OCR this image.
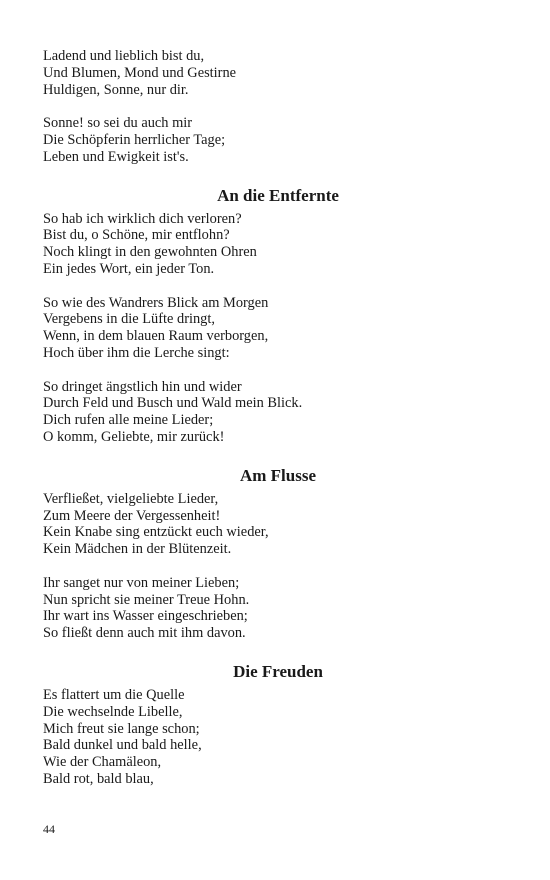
Ladend und lieblich bist du,
Und Blumen, Mond und Gestirne
Huldigen, Sonne, nur dir.
Sonne! so sei du auch mir
Die Schöpferin herrlicher Tage;
Leben und Ewigkeit ist's.
An die Entfernte
So hab ich wirklich dich verloren?
Bist du, o Schöne, mir entflohn?
Noch klingt in den gewohnten Ohren
Ein jedes Wort, ein jeder Ton.
So wie des Wandrers Blick am Morgen
Vergebens in die Lüfte dringt,
Wenn, in dem blauen Raum verborgen,
Hoch über ihm die Lerche singt:
So dringet ängstlich hin und wider
Durch Feld und Busch und Wald mein Blick.
Dich rufen alle meine Lieder;
O komm, Geliebte, mir zurück!
Am Flusse
Verfließet, vielgeliebte Lieder,
Zum Meere der Vergessenheit!
Kein Knabe sing entzückt euch wieder,
Kein Mädchen in der Blütenzeit.
Ihr sanget nur von meiner Lieben;
Nun spricht sie meiner Treue Hohn.
Ihr wart ins Wasser eingeschrieben;
So fließt denn auch mit ihm davon.
Die Freuden
Es flattert um die Quelle
Die wechselnde Libelle,
Mich freut sie lange schon;
Bald dunkel und bald helle,
Wie der Chamäleon,
Bald rot, bald blau,
44
